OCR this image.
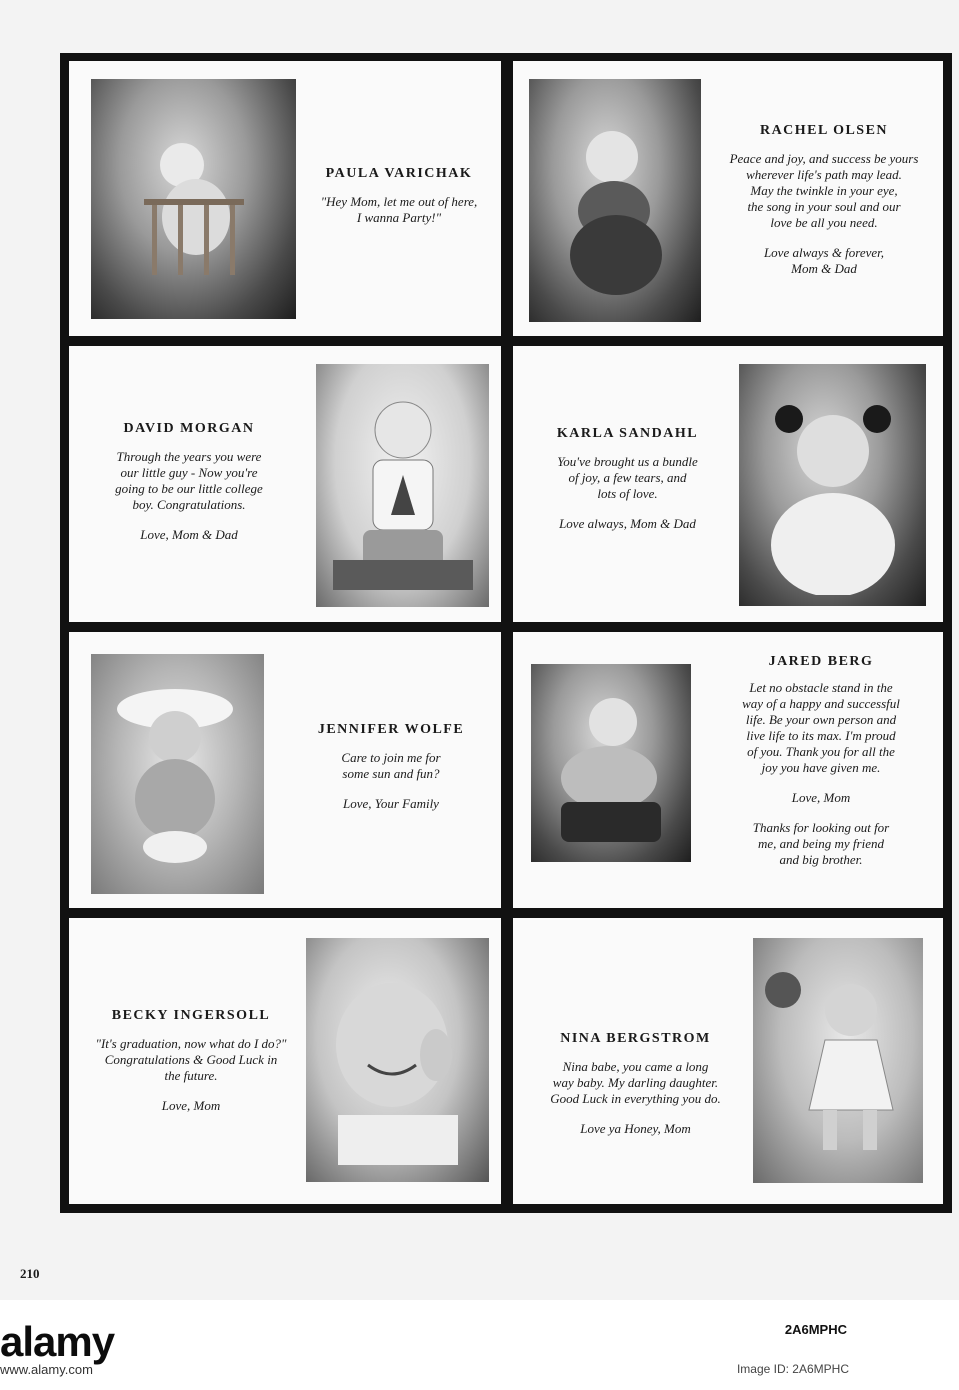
PAULA VARICHAK

"Hey Mom, let me out of here,
I wanna Party!"

RACHEL OLSEN

Peace and joy, and success be yours
wherever life's path may lead.
May the twinkle in your eye,
the song in your soul and our
love be all you need.

Love always & forever,
Mom & Dad

DAVID MORGAN

Through the years you were
our little guy - Now you're
going to be our little college
boy. Congratulations.

Love, Mom & Dad

KARLA SANDAHL

You've brought us a bundle
of joy, a few tears, and
lots of love.

Love always, Mom & Dad

JENNIFER WOLFE

Care to join me for
some sun and fun?

Love, Your Family

JARED BERG

Let no obstacle stand in the
way of a happy and successful
life. Be your own person and
live life to its max. I'm proud
of you. Thank you for all the
joy you have given me.

Love, Mom

Thanks for looking out for
me, and being my friend
and big brother.

BECKY INGERSOLL

"It's graduation, now what do I do?"
Congratulations & Good Luck in
the future.

Love, Mom

NINA BERGSTROM

Nina babe, you came a long
way baby. My darling daughter.
Good Luck in everything you do.

Love ya Honey, Mom

210
alamy	2A6MPHC
www.alamy.com	Image ID: 2A6MPHC
